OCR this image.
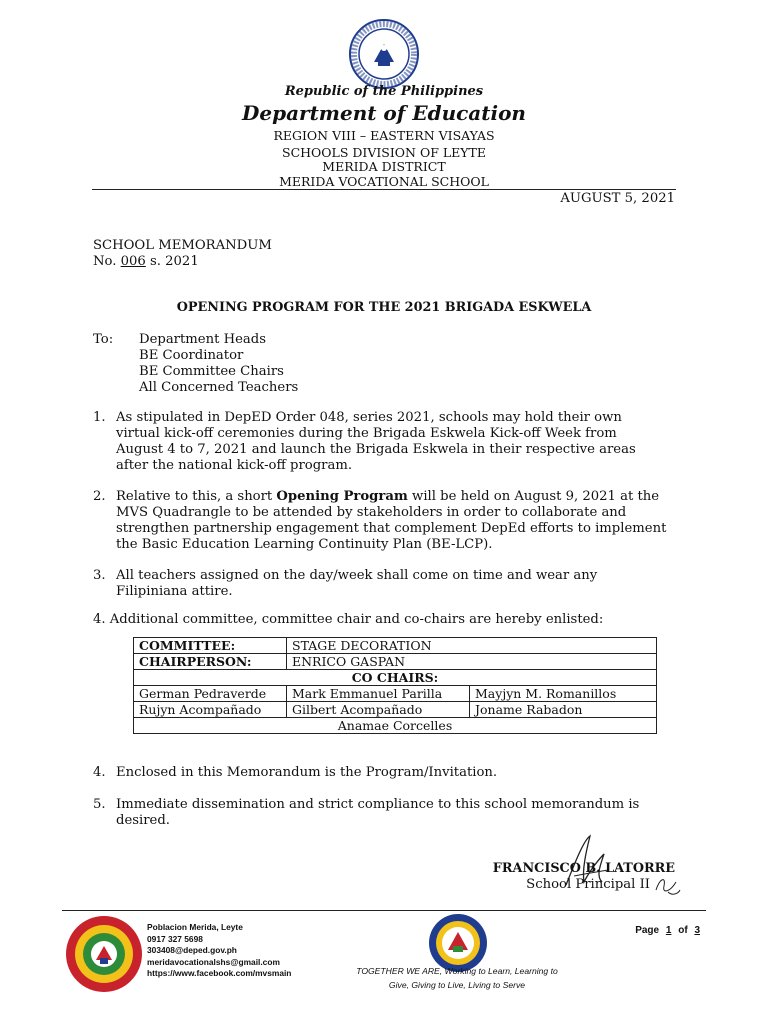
Republic of the Philippines
Department of Education
REGION VIII – EASTERN VISAYAS
SCHOOLS DIVISION OF LEYTE
MERIDA DISTRICT
MERIDA VOCATIONAL SCHOOL
AUGUST 5, 2021
SCHOOL MEMORANDUM
No. 006 s. 2021
OPENING PROGRAM FOR THE 2021 BRIGADA ESKWELA
To: Department Heads
BE Coordinator
BE Committee Chairs
All Concerned Teachers
1. As stipulated in DepED Order 048, series 2021, schools may hold their own
virtual kick-off ceremonies during the Brigada Eskwela Kick-off Week from
August 4 to 7, 2021 and launch the Brigada Eskwela in their respective areas
after the national kick-off program.
2. Relative to this, a short Opening Program will be held on August 9, 2021 at the
MVS Quadrangle to be attended by stakeholders in order to collaborate and
strengthen partnership engagement that complement DepEd efforts to implement
the Basic Education Learning Continuity Plan (BE-LCP).
3. All teachers assigned on the day/week shall come on time and wear any
Filipiniana attire.
4. Additional committee, committee chair and co-chairs are hereby enlisted:
COMMITTEE:	STAGE DECORATION	
CHAIRPERSON:	ENRICO GASPAN	
CO CHAIRS:		
German Pedraverde	Mark Emmanuel Parilla	Mayjyn M. Romanillos
Rujyn Acompañado	Gilbert Acompañado	Joname Rabadon
Anamae Corcelles		
4. Enclosed in this Memorandum is the Program/Invitation.
5. Immediate dissemination and strict compliance to this school memorandum is
desired.
FRANCISCO B. LATORRE
School Principal II
Poblacion Merida, Leyte
0917 327 5698
303408@deped.gov.ph
meridavocationalshs@gmail.com
https://www.facebook.com/mvsmain	TOGETHER WE ARE, Working to Learn, Learning to
Give, Giving to Live, Living to Serve

Page 1 of 3
